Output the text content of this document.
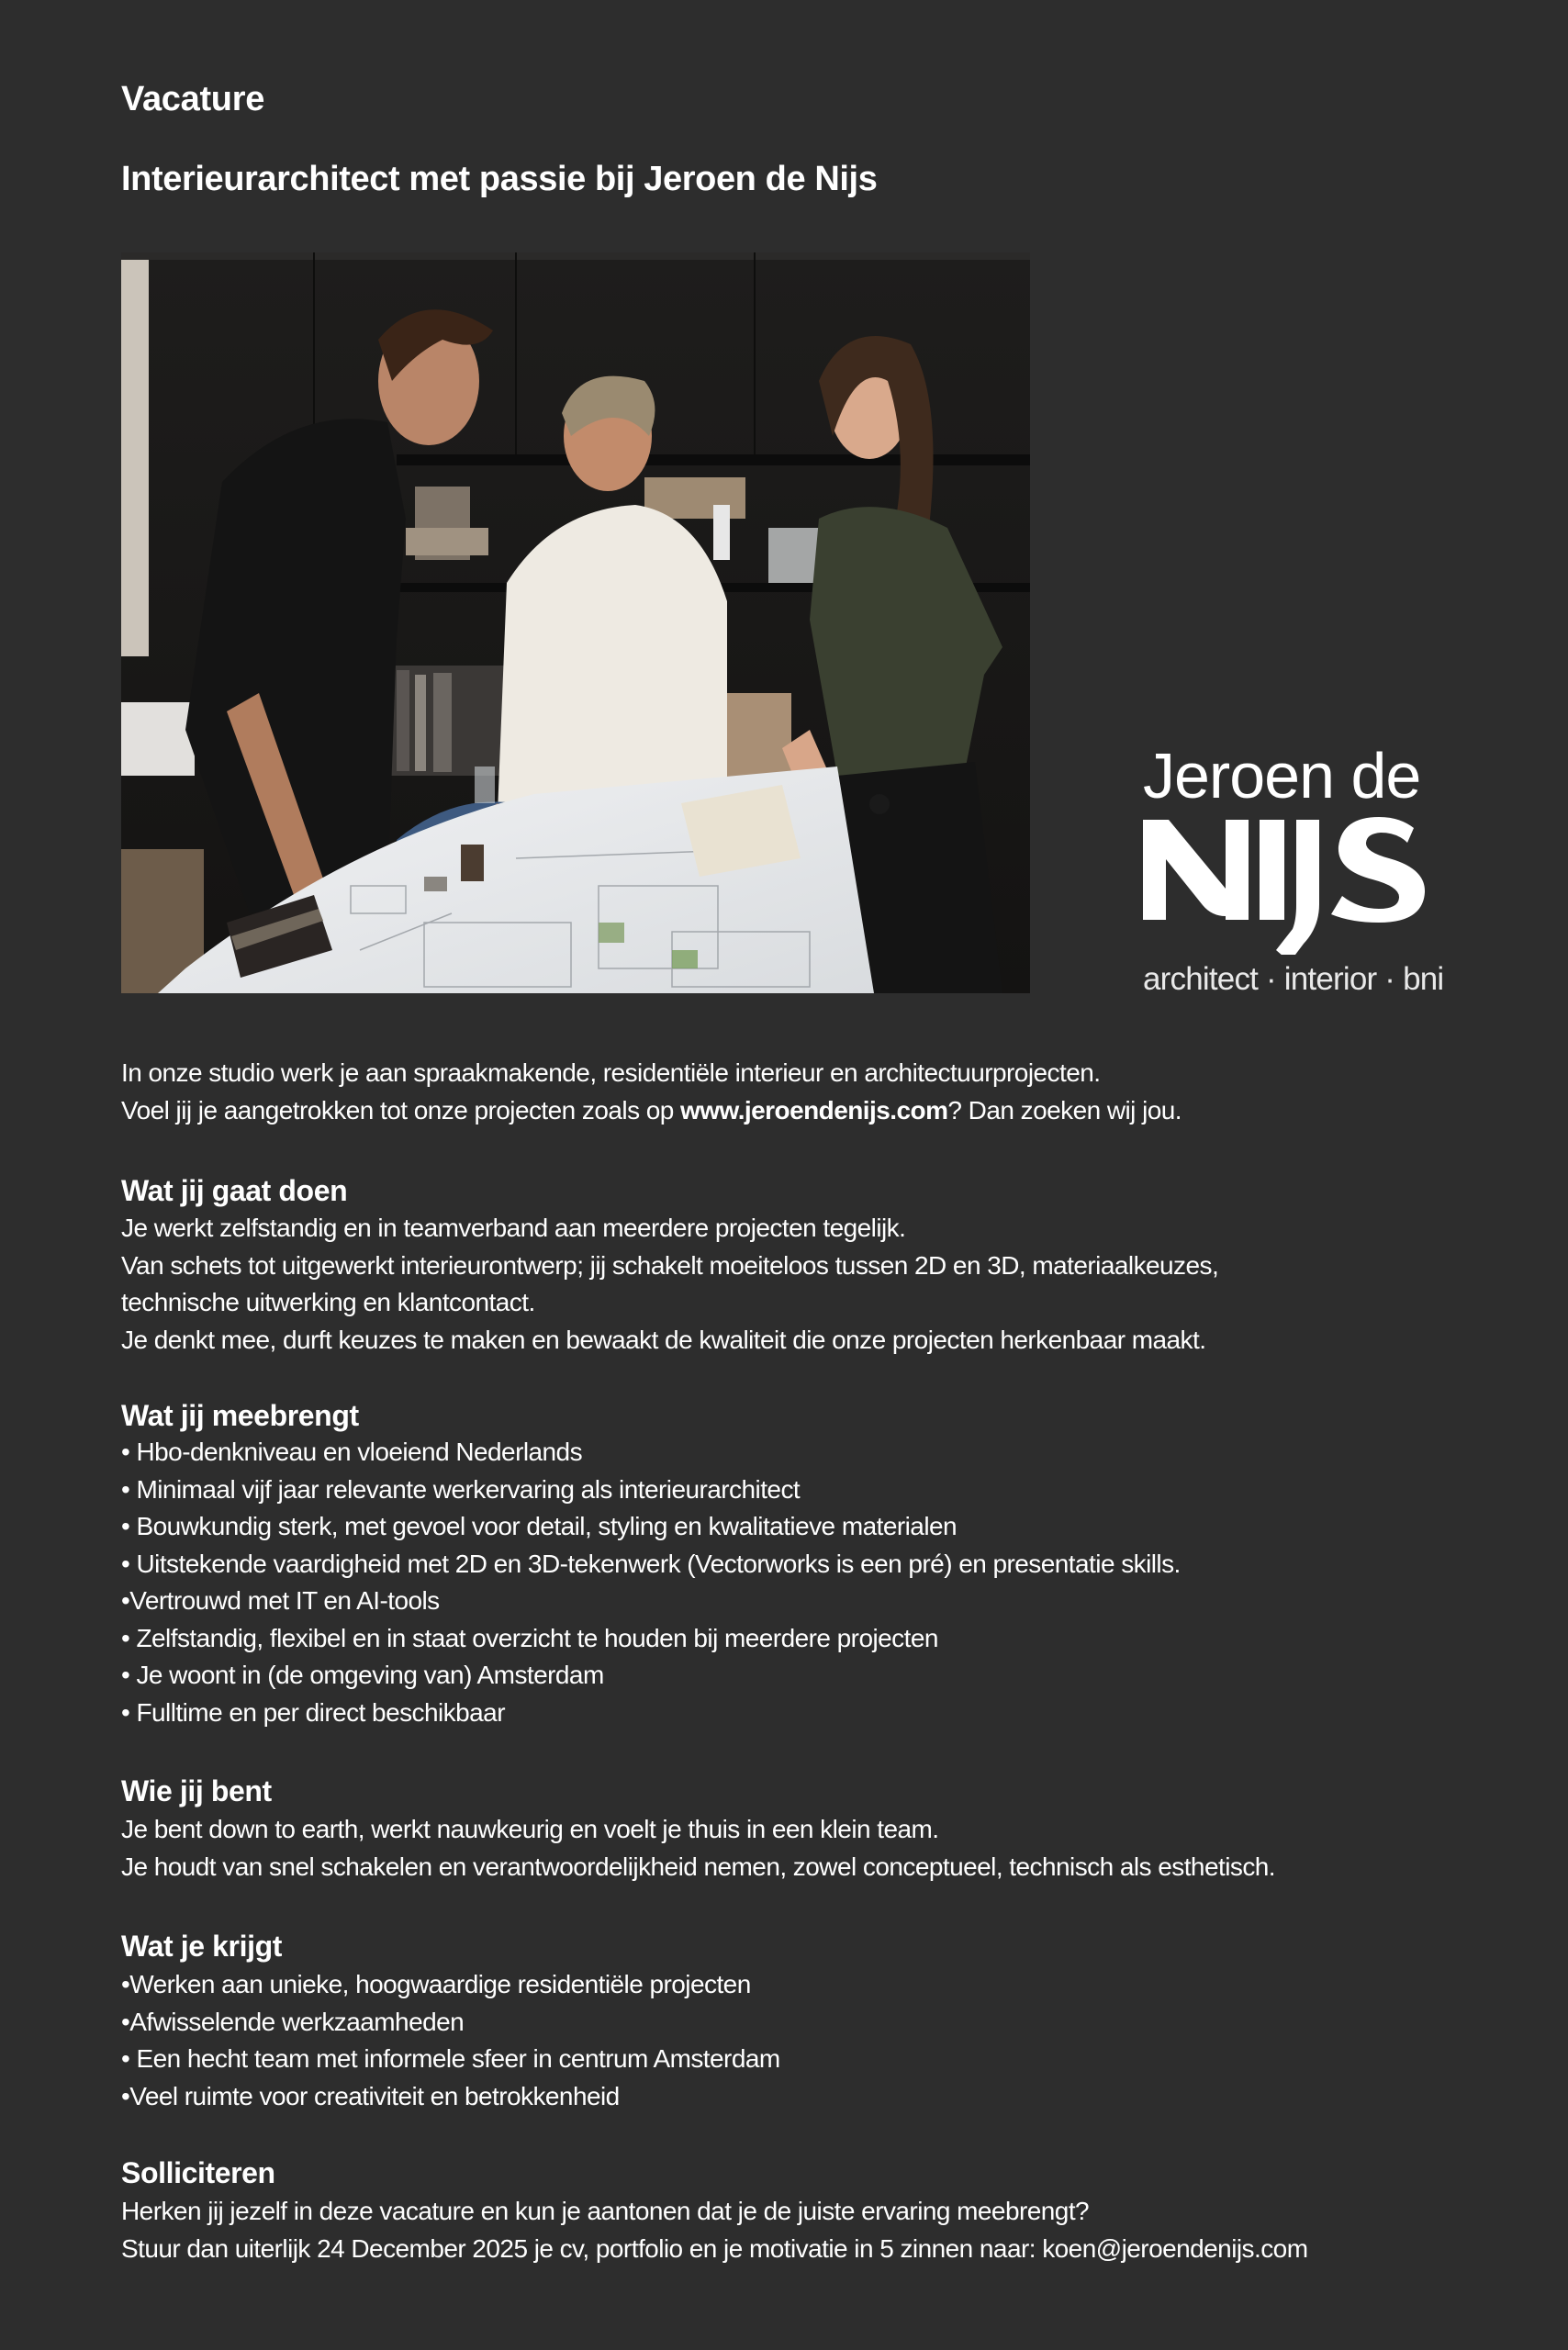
Vacature
Interieurarchitect met passie bij Jeroen de Nijs
Jeroen de
architect · interior · bni
In onze studio werk je aan spraakmakende, residentiële interieur en architectuurprojecten.
Voel jij je aangetrokken tot onze projecten zoals op www.jeroendenijs.com? Dan zoeken wij jou.
Wat jij gaat doen
Je werkt zelfstandig en in teamverband aan meerdere projecten tegelijk.
Van schets tot uitgewerkt interieurontwerp; jij schakelt moeiteloos tussen 2D en 3D, materiaalkeuzes,
technische uitwerking en klantcontact.
Je denkt mee, durft keuzes te maken en bewaakt de kwaliteit die onze projecten herkenbaar maakt.
Wat jij meebrengt
• Hbo-denkniveau en vloeiend Nederlands
• Minimaal vijf jaar relevante werkervaring als interieurarchitect
• Bouwkundig sterk, met gevoel voor detail, styling en kwalitatieve materialen
• Uitstekende vaardigheid met 2D en 3D-tekenwerk (Vectorworks is een pré) en presentatie skills.
•Vertrouwd met IT en AI-tools
• Zelfstandig, flexibel en in staat overzicht te houden bij meerdere projecten
• Je woont in (de omgeving van) Amsterdam
• Fulltime en per direct beschikbaar
Wie jij bent
Je bent down to earth, werkt nauwkeurig en voelt je thuis in een klein team.
Je houdt van snel schakelen en verantwoordelijkheid nemen, zowel conceptueel, technisch als esthetisch.
Wat je krijgt
•Werken aan unieke, hoogwaardige residentiële projecten
•Afwisselende werkzaamheden
• Een hecht team met informele sfeer in centrum Amsterdam
•Veel ruimte voor creativiteit en betrokkenheid
Solliciteren
Herken jij jezelf in deze vacature en kun je aantonen dat je de juiste ervaring meebrengt?
Stuur dan uiterlijk 24 December 2025 je cv, portfolio en je motivatie in 5 zinnen naar: koen@jeroendenijs.com
